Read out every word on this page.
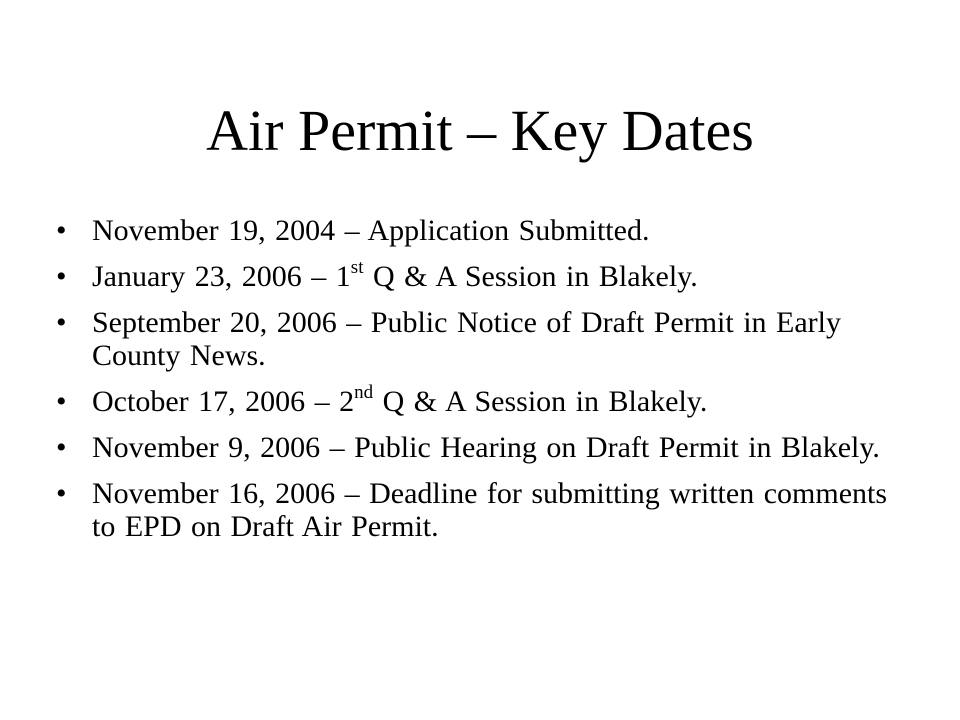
Air Permit – Key Dates
• November 19, 2004 – Application Submitted.
• January 23, 2006 – 1st Q & A Session in Blakely.
• September 20, 2006 – Public Notice of Draft Permit in Early County News.
• October 17, 2006 – 2nd Q & A Session in Blakely.
• November 9, 2006 – Public Hearing on Draft Permit in Blakely.
• November 16, 2006 – Deadline for submitting written comments to EPD on Draft Air Permit.
